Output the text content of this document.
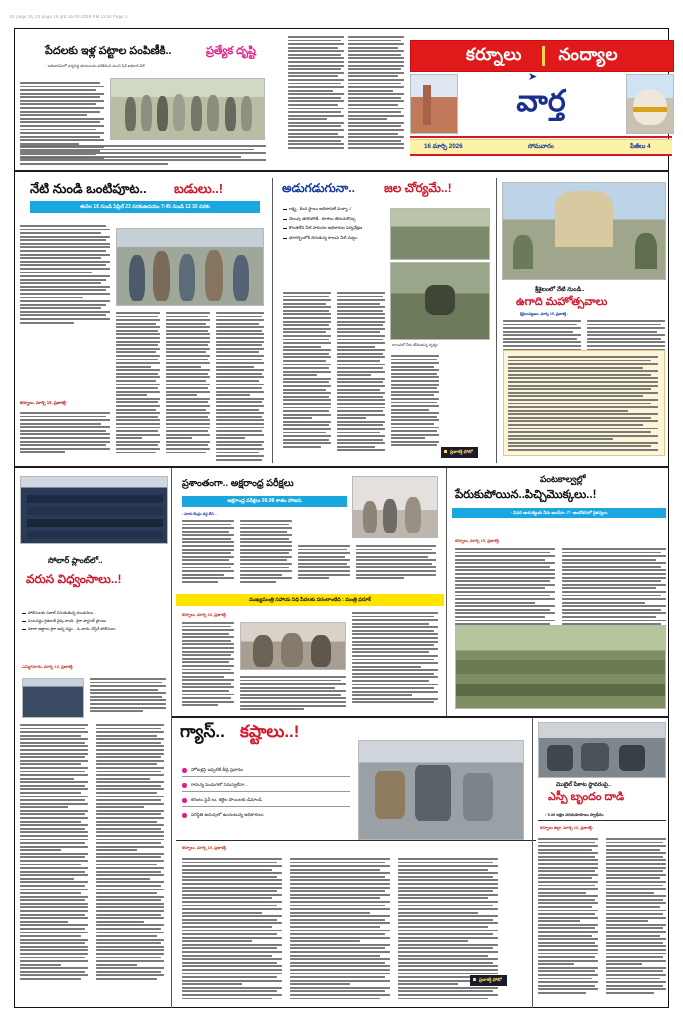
01 page 16_01 page 16 qrd 15-03-2026 PM 11.04 Page 1
కర్నూలు నంద్యాల
➤
వార్త
16 మార్చి 2026	సోమవారం	పేజీలు 4
పేదలకు ఇళ్ల పట్టాల పంపిణీకి..	ప్రత్యేక దృష్టి
: ఆదివారమిలో సర్వసిద్ధ భూములను పరిశీలించి మంచి సేవ్ అధికారి వెల్
నేటి నుండి ఒంటిపూట.. బడులు..!
ఈనెల 16 నుండి ఏప్రిల్ 23 వరకుఉదయం 7:45 నుండి 12 30 వరకు
కర్నూలు, మార్చి 15, ప్రజాశక్తి:
అడుగడుగునా.. జల చోర్యమే..!
లక్ష్య.. కింద స్థాయి అధికారులే మళ్ళా..!
చెలువు తరలిపోతే.. కూరలు తెరుచుకొచ్చు
కొలతలేని నీటి పారుదల అధికారుల పర్యవేక్షణ
భూగర్భంలోకి దిగుతున్న కాలువ నీటి మట్టం
కాలువలో నీరు తోడుతున్న దృశ్యం
ప్రజాశక్తి ఫోటో
శ్రీశైలంలో నేటి నుండి..
ఉగాది మహోత్సవాలు
శ్రీశైలంపట్టణం, మార్చి 15, ప్రజాశక్తి :
సోలార్ ప్లాంట్‌లో..
వరుస విధ్వంసాలు..!
పోలీసులకు సవాల్ విసురుతున్న దుండగులు ..
పంటనష్టం రైతులకే వైపు నాంది...కైగా ప్యాసెట్ ప్లాంటు
దూరా అట్టాలు కైగా అన్న నష్టం .. ఓ-చారం చేస్తేనే పోలీసులు
ఎమ్మిగనూరు, మార్చి 15, ప్రజాశక్తి:
ప్రశాంతంగా.. అక్షరాంధ్ర పరీక్షలు
అక్షరాంధ్ర పరీక్షలు 99.98 శాతం హాజరు
: మారు కేంద్రం వద్ద లేని ..
ముఖ్యమంత్రి సహాయ నిధి పేదలకు వరంలాంటిది : మంత్రి ఫరూక్
కర్నూలు, మార్చి 15, ప్రజాశక్తి:
పంటకాల్వల్లో
పేరుకుపోయిన..పిచ్చిమొక్కలు..!
- చివరి ఆయకట్టుకు నీరు అందేనా..!? -ఆందోళనలో రైతన్నలు
కర్నూలు, మార్చి 15, ప్రజాశక్తి:
గ్యాస్.. కష్టాలు..!
హోటళ్లపై ఇప్పటికే తీవ్ర ప్రభావం
రానున్న పండుగలో సమస్యలేనా...
కరెంటు స్టవ్ లు, కట్టెల పొయిలకు డిమాండ్
పరిస్థితి అదుపులో ఉందంటున్న అధికారులు
కర్నూలు, మార్చి 15, ప్రజాశక్తి:
ప్రజాశక్తి ఫోటో
మొబైల్ పేకాట స్థావరంపై..
ఎస్పీ బృందం దాడి
: 5.30 లక్షల నగదురూపాయి స్వాధీనం
కర్నూలు జిల్లా, మార్చి 15, ప్రజాశక్తి:
